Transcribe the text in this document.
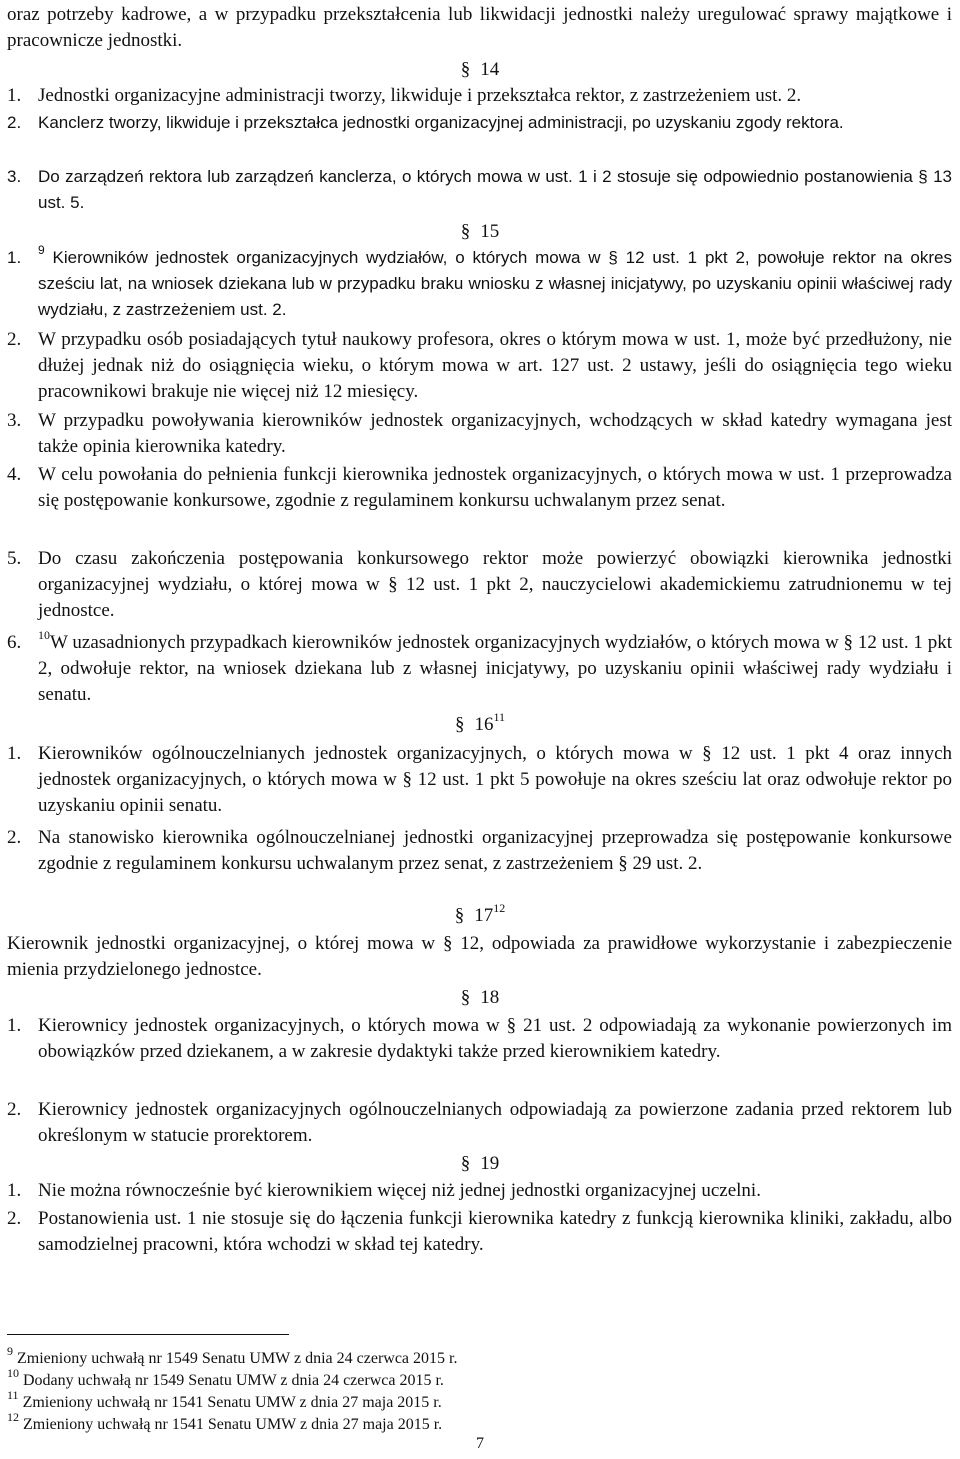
oraz potrzeby kadrowe, a w przypadku przekształcenia lub likwidacji jednostki należy uregulować sprawy majątkowe i pracownicze jednostki.

§ 14
1. Jednostki organizacyjne administracji tworzy, likwiduje i przekształca rektor, z zastrzeżeniem ust. 2.
2. Kanclerz tworzy, likwiduje i przekształca jednostki organizacyjnej administracji, po uzyskaniu zgody rektora.
3. Do zarządzeń rektora lub zarządzeń kanclerza, o których mowa w ust. 1 i 2 stosuje się odpowiednio postanowienia § 13 ust. 5.
§ 15
1. $^9$ Kierowników jednostek organizacyjnych wydziałów, o których mowa w § 12 ust. 1 pkt 2, powołuje rektor na okres sześciu lat, na wniosek dziekana lub w przypadku braku wniosku z własnej inicjatywy, po uzyskaniu opinii właściwej rady wydziału, z zastrzeżeniem ust. 2.
2. W przypadku osób posiadających tytuł naukowy profesora, okres o którym mowa w ust. 1, może być przedłużony, nie dłużej jednak niż do osiągnięcia wieku, o którym mowa w art. 127 ust. 2 ustawy, jeśli do osiągnięcia tego wieku pracownikowi brakuje nie więcej niż 12 miesięcy.
3. W przypadku powoływania kierowników jednostek organizacyjnych, wchodzących w skład katedry wymagana jest także opinia kierownika katedry.
4. W celu powołania do pełnienia funkcji kierownika jednostek organizacyjnych, o których mowa w ust. 1 przeprowadza się postępowanie konkursowe, zgodnie z regulaminem konkursu uchwalanym przez senat.
5. Do czasu zakończenia postępowania konkursowego rektor może powierzyć obowiązki kierownika jednostki organizacyjnej wydziału, o której mowa w § 12 ust. 1 pkt 2, nauczycielowi akademickiemu zatrudnionemu w tej jednostce.
6. $^{10}$W uzasadnionych przypadkach kierowników jednostek organizacyjnych wydziałów, o których mowa w § 12 ust. 1 pkt 2, odwołuje rektor, na wniosek dziekana lub z własnej inicjatywy, po uzyskaniu opinii właściwej rady wydziału i senatu.
§ $16^{11}$
1. Kierowników ogólnouczelnianych jednostek organizacyjnych, o których mowa w § 12 ust. 1 pkt 4 oraz innych jednostek organizacyjnych, o których mowa w § 12 ust. 1 pkt 5 powołuje na okres sześciu lat oraz odwołuje rektor po uzyskaniu opinii senatu.
2. Na stanowisko kierownika ogólnouczelnianej jednostki organizacyjnej przeprowadza się postępowanie konkursowe zgodnie z regulaminem konkursu uchwalanym przez senat, z zastrzeżeniem § 29 ust. 2.
§ $17^{12}$

Kierownik jednostki organizacyjnej, o której mowa w § 12, odpowiada za prawidłowe wykorzystanie i zabezpieczenie mienia przydzielonego jednostce.

§ 18
1. Kierownicy jednostek organizacyjnych, o których mowa w § 21 ust. 2 odpowiadają za wykonanie powierzonych im obowiązków przed dziekanem, a w zakresie dydaktyki także przed kierownikiem katedry.
2. Kierownicy jednostek organizacyjnych ogólnouczelnianych odpowiadają za powierzone zadania przed rektorem lub określonym w statucie prorektorem.
§ 19
1. Nie można równocześnie być kierownikiem więcej niż jednej jednostki organizacyjnej uczelni.
2. Postanowienia ust. 1 nie stosuje się do łączenia funkcji kierownika katedry z funkcją kierownika kliniki, zakładu, albo samodzielnej pracowni, która wchodzi w skład tej katedry.

$^9$ Zmieniony uchwałą nr 1549 Senatu UMW z dnia 24 czerwca 2015 r.

$^{10}$ Dodany uchwałą nr 1549 Senatu UMW z dnia 24 czerwca 2015 r.

$^{11}$ Zmieniony uchwałą nr 1541 Senatu UMW z dnia 27 maja 2015 r.

$^{12}$ Zmieniony uchwałą nr 1541 Senatu UMW z dnia 27 maja 2015 r.

7
